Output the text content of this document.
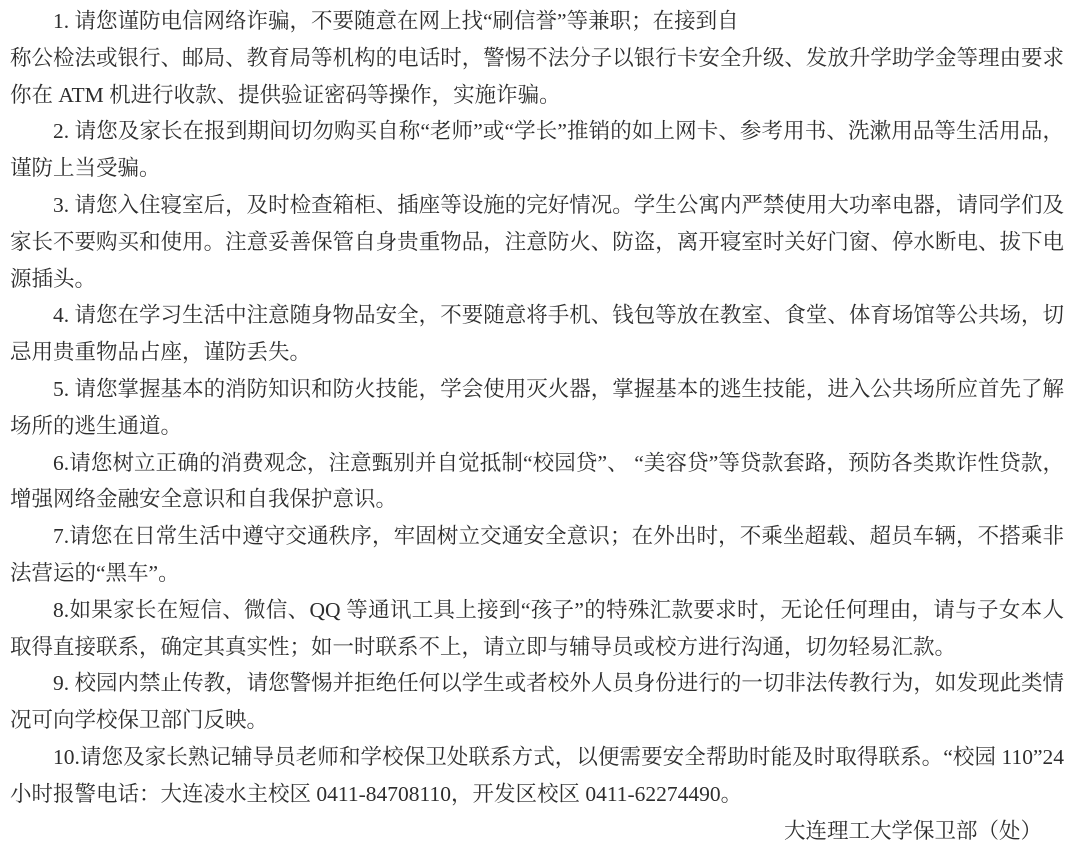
1. 请您谨防电信网络诈骗，不要随意在网上找“刷信誉”等兼职；在接到自
称公检法或银行、邮局、教育局等机构的电话时，警惕不法分子以银行卡安全升级、发放升学助学金等理由要求你在 ATM 机进行收款、提供验证密码等操作，实施诈骗。

2. 请您及家长在报到期间切勿购买自称“老师”或“学长”推销的如上网卡、参考用书、洗漱用品等生活用品，谨防上当受骗。

3. 请您入住寝室后，及时检查箱柜、插座等设施的完好情况。学生公寓内严禁使用大功率电器，请同学们及家长不要购买和使用。注意妥善保管自身贵重物品，注意防火、防盗，离开寝室时关好门窗、停水断电、拔下电源插头。

4. 请您在学习生活中注意随身物品安全，不要随意将手机、钱包等放在教室、食堂、体育场馆等公共场，切忌用贵重物品占座，谨防丢失。

5. 请您掌握基本的消防知识和防火技能，学会使用灭火器，掌握基本的逃生技能，进入公共场所应首先了解场所的逃生通道。

6.请您树立正确的消费观念，注意甄别并自觉抵制“校园贷”、 “美容贷”等贷款套路，预防各类欺诈性贷款，增强网络金融安全意识和自我保护意识。

7.请您在日常生活中遵守交通秩序，牢固树立交通安全意识；在外出时，不乘坐超载、超员车辆，不搭乘非法营运的“黑车”。

8.如果家长在短信、微信、QQ 等通讯工具上接到“孩子”的特殊汇款要求时，无论任何理由，请与子女本人取得直接联系，确定其真实性；如一时联系不上，请立即与辅导员或校方进行沟通，切勿轻易汇款。

9. 校园内禁止传教，请您警惕并拒绝任何以学生或者校外人员身份进行的一切非法传教行为，如发现此类情况可向学校保卫部门反映。

10.请您及家长熟记辅导员老师和学校保卫处联系方式，以便需要安全帮助时能及时取得联系。“校园 110”24 小时报警电话：大连凌水主校区 0411-84708110，开发区校区 0411-62274490。

大连理工大学保卫部（处）
